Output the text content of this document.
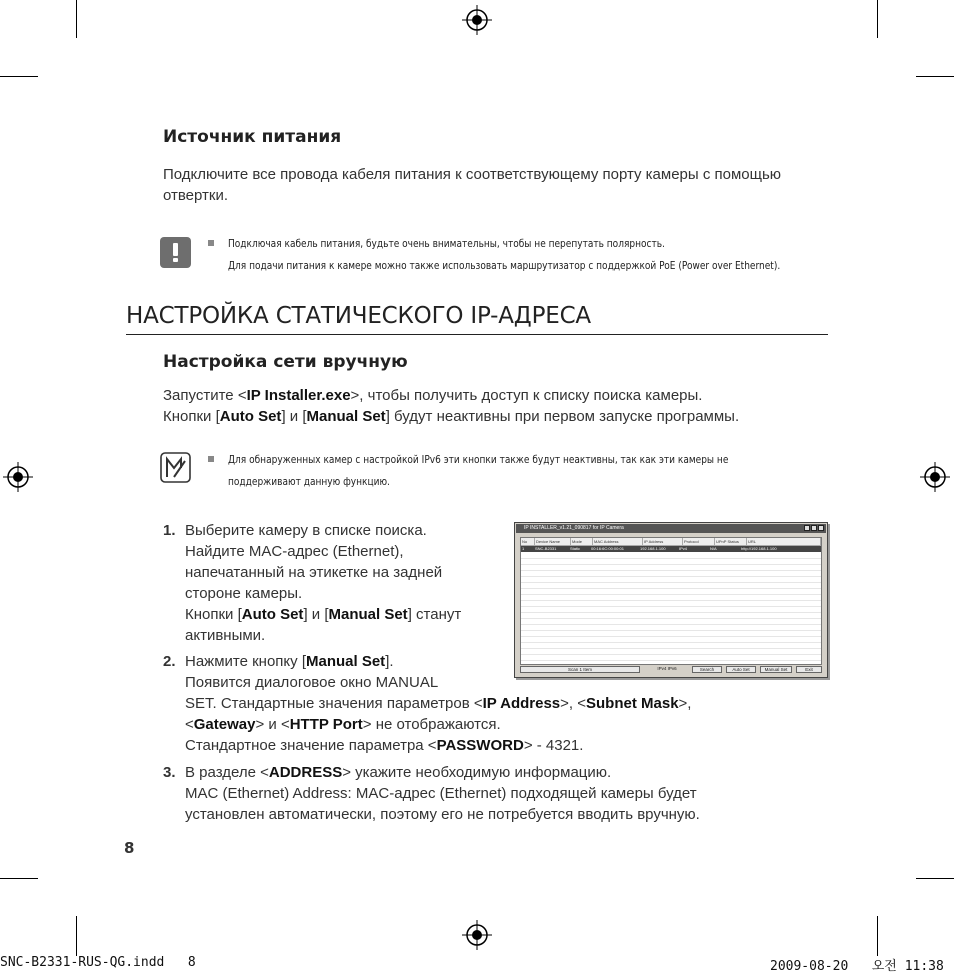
Источник питания
Подключите все провода кабеля питания к соответствующему порту камеры с помощью
отвертки.
Подключая кабель питания, будьте очень внимательны, чтобы не перепутать полярность.
Для подачи питания к камере можно также использовать маршрутизатор с поддержкой PoE (Power over Ethernet).
НАСТРОЙКА СТАТИЧЕСКОГО IP-АДРЕСА
Настройка сети вручную
Запустите <IP Installer.exe>, чтобы получить доступ к списку поиска камеры.
Кнопки [Auto Set] и [Manual Set] будут неактивны при первом запуске программы.
Для обнаруженных камер с настройкой IPv6 эти кнопки также будут неактивны, так как эти камеры не
поддерживают данную функцию.
1. Выберите камеру в списке поиска.
Найдите MAC-адрес (Ethernet),
напечатанный на этикетке на задней
стороне камеры.
Кнопки [Auto Set] и [Manual Set] станут
активными.
2. Нажмите кнопку [Manual Set].
Появится диалоговое окно MANUAL
SET. Стандартные значения параметров <IP Address>, <Subnet Mask>,
<Gateway> и <HTTP Port> не отображаются.
Стандартное значение параметра <PASSWORD> - 4321.
3. В разделе <ADDRESS> укажите необходимую информацию.
MAC (Ethernet) Address: MAC-адрес (Ethernet) подходящей камеры будет
установлен автоматически, поэтому его не потребуется вводить вручную.
IP INSTALLER_v1.21_090817 for IP Camera
No	Device Name	Mode	MAC Address	IP Address	Protocol	UPnP Status	URL
1	SNC-B2331	Static	00:16:6C:00:00:01	192.168.1.100	IPv4	N/A	http://192.168.1.100
Scan 1 Item	IPv4 IPv6	Search	Auto Set	Manual Set	Exit
8
SNC-B2331-RUS-QG.indd   8	2009-08-20   오전 11:38
